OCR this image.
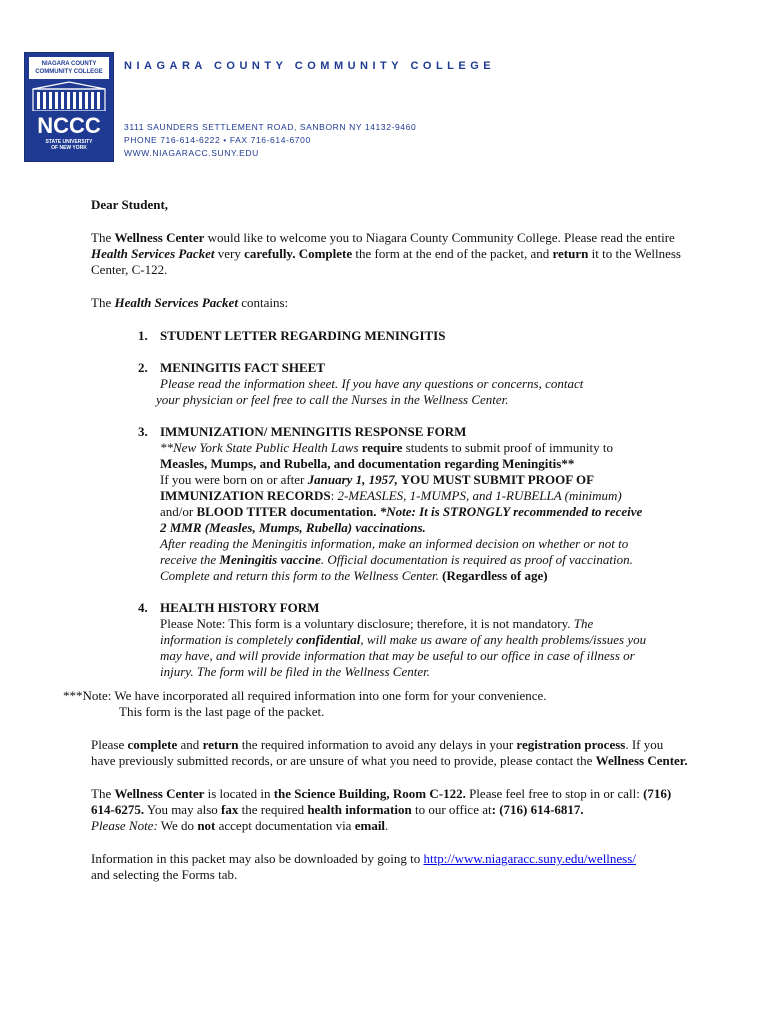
NIAGARA COUNTY
COMMUNITY COLLEGE
NCCC
STATE UNIVERSITY
OF NEW YORK
NIAGARA COUNTY COMMUNITY COLLEGE
3111 SAUNDERS SETTLEMENT ROAD, SANBORN NY 14132-9460
PHONE 716-614-6222 • FAX 716-614-6700
WWW.NIAGARACC.SUNY.EDU

Dear Student,

The Wellness Center would like to welcome you to Niagara County Community College. Please read the entire Health Services Packet very carefully. Complete the form at the end of the packet, and return it to the Wellness Center, C-122.

The Health Services Packet contains:

1. STUDENT LETTER REGARDING MENINGITIS
2. MENINGITIS FACT SHEET
Please read the information sheet. If you have any questions or concerns, contact
your physician or feel free to call the Nurses in the Wellness Center.
3. IMMUNIZATION/ MENINGITIS RESPONSE FORM
**New York State Public Health Laws require students to submit proof of immunity to
Measles, Mumps, and Rubella, and documentation regarding Meningitis**
If you were born on or after January 1, 1957, YOU MUST SUBMIT PROOF OF
IMMUNIZATION RECORDS: 2-MEASLES, 1-MUMPS, and 1-RUBELLA (minimum)
and/or BLOOD TITER documentation. *Note: It is STRONGLY recommended to receive
2 MMR (Measles, Mumps, Rubella) vaccinations.
After reading the Meningitis information, make an informed decision on whether or not to
receive the Meningitis vaccine. Official documentation is required as proof of vaccination.
Complete and return this form to the Wellness Center. (Regardless of age)
4. HEALTH HISTORY FORM
Please Note: This form is a voluntary disclosure; therefore, it is not mandatory. The
information is completely confidential, will make us aware of any health problems/issues you
may have, and will provide information that may be useful to our office in case of illness or
injury. The form will be filed in the Wellness Center.

***Note: We have incorporated all required information into one form for your convenience.
This form is the last page of the packet.

Please complete and return the required information to avoid any delays in your registration process. If you have previously submitted records, or are unsure of what you need to provide, please contact the Wellness Center.

The Wellness Center is located in the Science Building, Room C-122. Please feel free to stop in or call: (716) 614-6275. You may also fax the required health information to our office at: (716) 614-6817.
Please Note: We do not accept documentation via email.

Information in this packet may also be downloaded by going to http://www.niagaracc.suny.edu/wellness/
and selecting the Forms tab.
